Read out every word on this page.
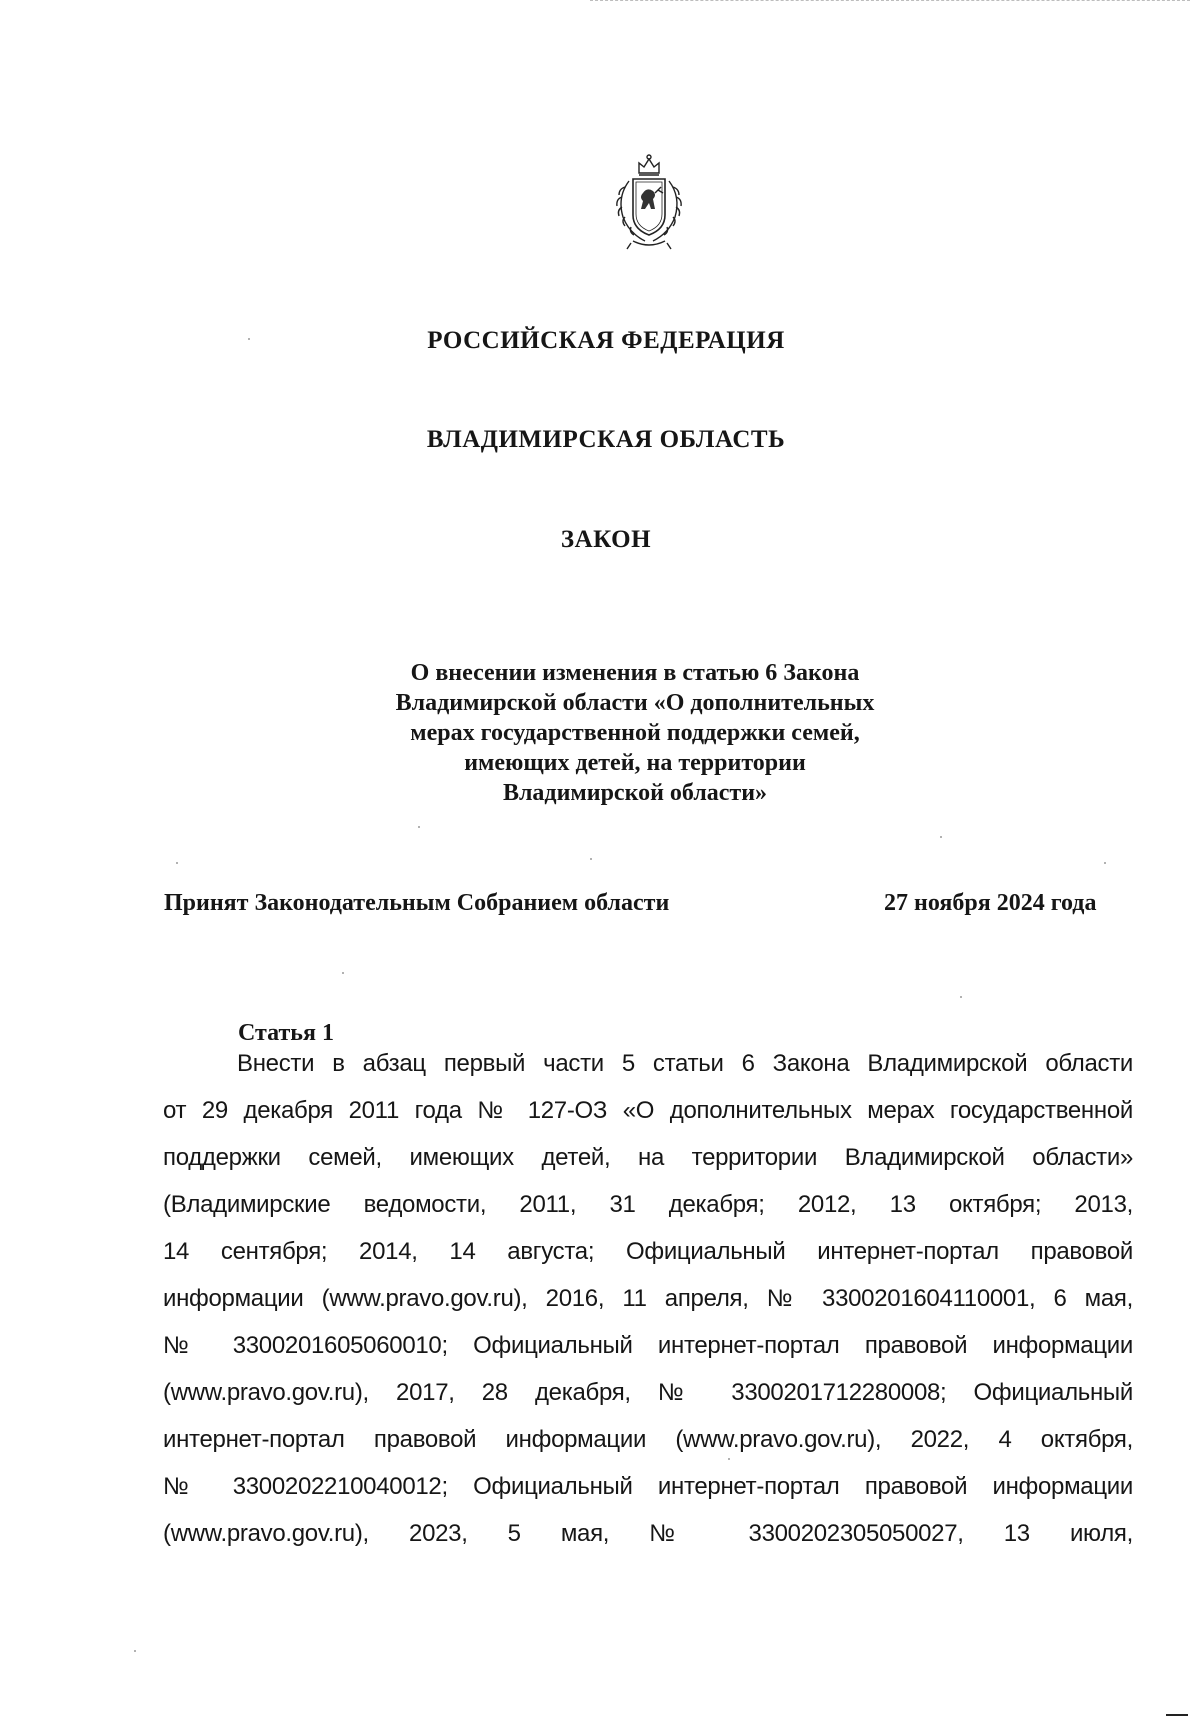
РОССИЙСКАЯ ФЕДЕРАЦИЯ
ВЛАДИМИРСКАЯ ОБЛАСТЬ
ЗАКОН
О внесении изменения в статью 6 Закона
Владимирской области «О дополнительных
мерах государственной поддержки семей,
имеющих детей, на территории
Владимирской области»
Принят Законодательным Собранием области	27 ноября 2024 года
Статья 1
Внести в абзац первый части 5 статьи 6 Закона Владимирской области
от 29 декабря 2011 года № 127-ОЗ «О дополнительных мерах государственной
поддержки семей, имеющих детей, на территории Владимирской области»
(Владимирские ведомости, 2011, 31 декабря; 2012, 13 октября; 2013,
14 сентября; 2014, 14 августа; Официальный интернет-портал правовой
информации (www.pravo.gov.ru), 2016, 11 апреля, № 3300201604110001, 6 мая,
№ 3300201605060010; Официальный интернет-портал правовой информации
(www.pravo.gov.ru), 2017, 28 декабря, № 3300201712280008; Официальный
интернет-портал правовой информации (www.pravo.gov.ru), 2022, 4 октября,
№ 3300202210040012; Официальный интернет-портал правовой информации
(www.pravo.gov.ru), 2023, 5 мая, № 3300202305050027, 13 июля,
